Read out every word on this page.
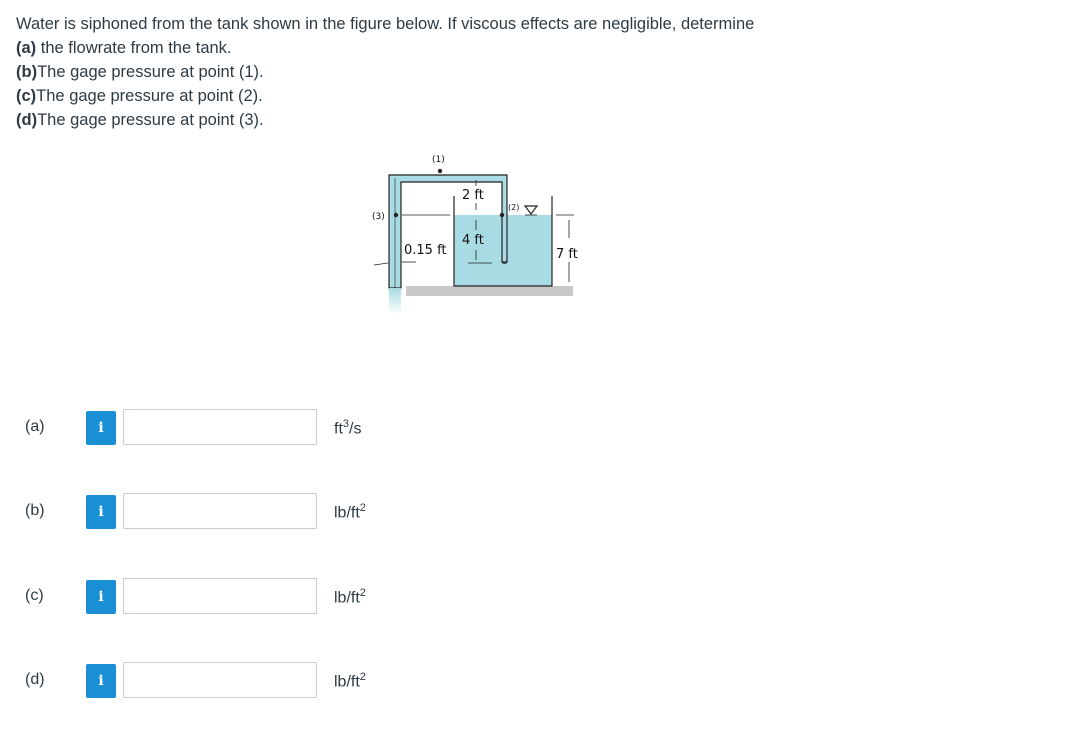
Water is siphoned from the tank shown in the figure below. If viscous effects are negligible, determine
(a) the flowrate from the tank.
(b)The gage pressure at point (1).
(c)The gage pressure at point (2).
(d)The gage pressure at point (3).
(1)
(2)
(3)
2 ft
4 ft
0.15 ft	7 ft
(a)	i	$ft^3/s$
(b)	i	$lb/ft^2$
(c)	i	$lb/ft^2$
(d)	i	$lb/ft^2$
